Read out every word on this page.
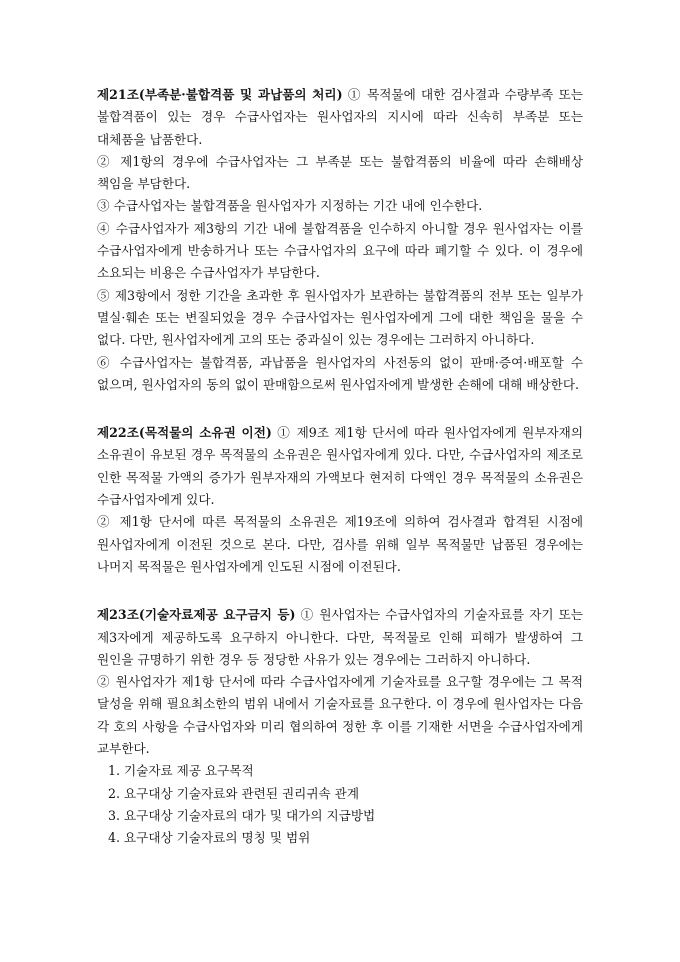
제21조(부족분·불합격품 및 과납품의 처리) ① 목적물에 대한 검사결과 수량부족 또는 불합격품이 있는 경우 수급사업자는 원사업자의 지시에 따라 신속히 부족분 또는 대체품을 납품한다.

② 제1항의 경우에 수급사업자는 그 부족분 또는 불합격품의 비율에 따라 손해배상 책임을 부담한다.

③ 수급사업자는 불합격품을 원사업자가 지정하는 기간 내에 인수한다.

④ 수급사업자가 제3항의 기간 내에 불합격품을 인수하지 아니할 경우 원사업자는 이를 수급사업자에게 반송하거나 또는 수급사업자의 요구에 따라 폐기할 수 있다. 이 경우에 소요되는 비용은 수급사업자가 부담한다.

⑤ 제3항에서 정한 기간을 초과한 후 원사업자가 보관하는 불합격품의 전부 또는 일부가 멸실·훼손 또는 변질되었을 경우 수급사업자는 원사업자에게 그에 대한 책임을 물을 수 없다. 다만, 원사업자에게 고의 또는 중과실이 있는 경우에는 그러하지 아니하다.

⑥ 수급사업자는 불합격품, 과납품을 원사업자의 사전동의 없이 판매·증여·배포할 수 없으며, 원사업자의 동의 없이 판매함으로써 원사업자에게 발생한 손해에 대해 배상한다.

제22조(목적물의 소유권 이전) ① 제9조 제1항 단서에 따라 원사업자에게 원부자재의 소유권이 유보된 경우 목적물의 소유권은 원사업자에게 있다. 다만, 수급사업자의 제조로 인한 목적물 가액의 증가가 원부자재의 가액보다 현저히 다액인 경우 목적물의 소유권은 수급사업자에게 있다.

② 제1항 단서에 따른 목적물의 소유권은 제19조에 의하여 검사결과 합격된 시점에 원사업자에게 이전된 것으로 본다. 다만, 검사를 위해 일부 목적물만 납품된 경우에는 나머지 목적물은 원사업자에게 인도된 시점에 이전된다.

제23조(기술자료제공 요구금지 등) ① 원사업자는 수급사업자의 기술자료를 자기 또는 제3자에게 제공하도록 요구하지 아니한다. 다만, 목적물로 인해 피해가 발생하여 그 원인을 규명하기 위한 경우 등 정당한 사유가 있는 경우에는 그러하지 아니하다.

② 원사업자가 제1항 단서에 따라 수급사업자에게 기술자료를 요구할 경우에는 그 목적 달성을 위해 필요최소한의 범위 내에서 기술자료를 요구한다. 이 경우에 원사업자는 다음 각 호의 사항을 수급사업자와 미리 협의하여 정한 후 이를 기재한 서면을 수급사업자에게 교부한다.

1. 기술자료 제공 요구목적
2. 요구대상 기술자료와 관련된 권리귀속 관계
3. 요구대상 기술자료의 대가 및 대가의 지급방법
4. 요구대상 기술자료의 명칭 및 범위
